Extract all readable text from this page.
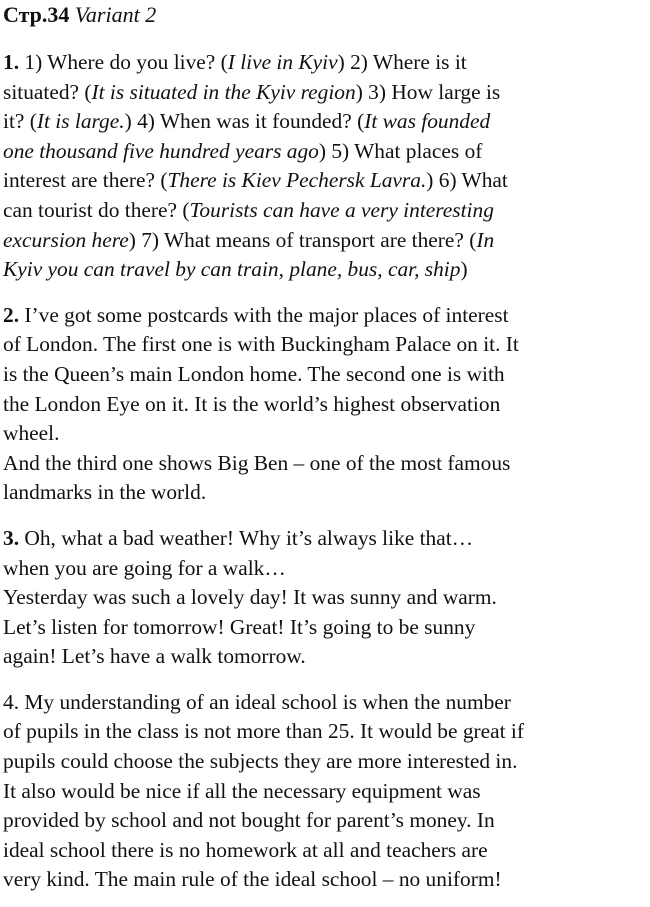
Стр.34 Variant 2
1. 1) Where do you live? (I live in Kyiv) 2) Where is it
situated? (It is situated in the Kyiv region) 3) How large is
it? (It is large.) 4) When was it founded? (It was founded
one thousand five hundred years ago) 5) What places of
interest are there? (There is Kiev Pechersk Lavra.) 6) What
can tourist do there? (Tourists can have a very interesting
excursion here) 7) What means of transport are there? (In
Kyiv you can travel by can train, plane, bus, car, ship)
2. I’ve got some postcards with the major places of interest
of London. The first one is with Buckingham Palace on it. It
is the Queen’s main London home. The second one is with
the London Eye on it. It is the world’s highest observation
wheel.
And the third one shows Big Ben – one of the most famous
landmarks in the world.
3. Oh, what a bad weather! Why it’s always like that…
when you are going for a walk…
Yesterday was such a lovely day! It was sunny and warm.
Let’s listen for tomorrow! Great! It’s going to be sunny
again! Let’s have a walk tomorrow.
4. My understanding of an ideal school is when the number
of pupils in the class is not more than 25. It would be great if
pupils could choose the subjects they are more interested in.
It also would be nice if all the necessary equipment was
provided by school and not bought for parent’s money. In
ideal school there is no homework at all and teachers are
very kind. The main rule of the ideal school – no uniform!
